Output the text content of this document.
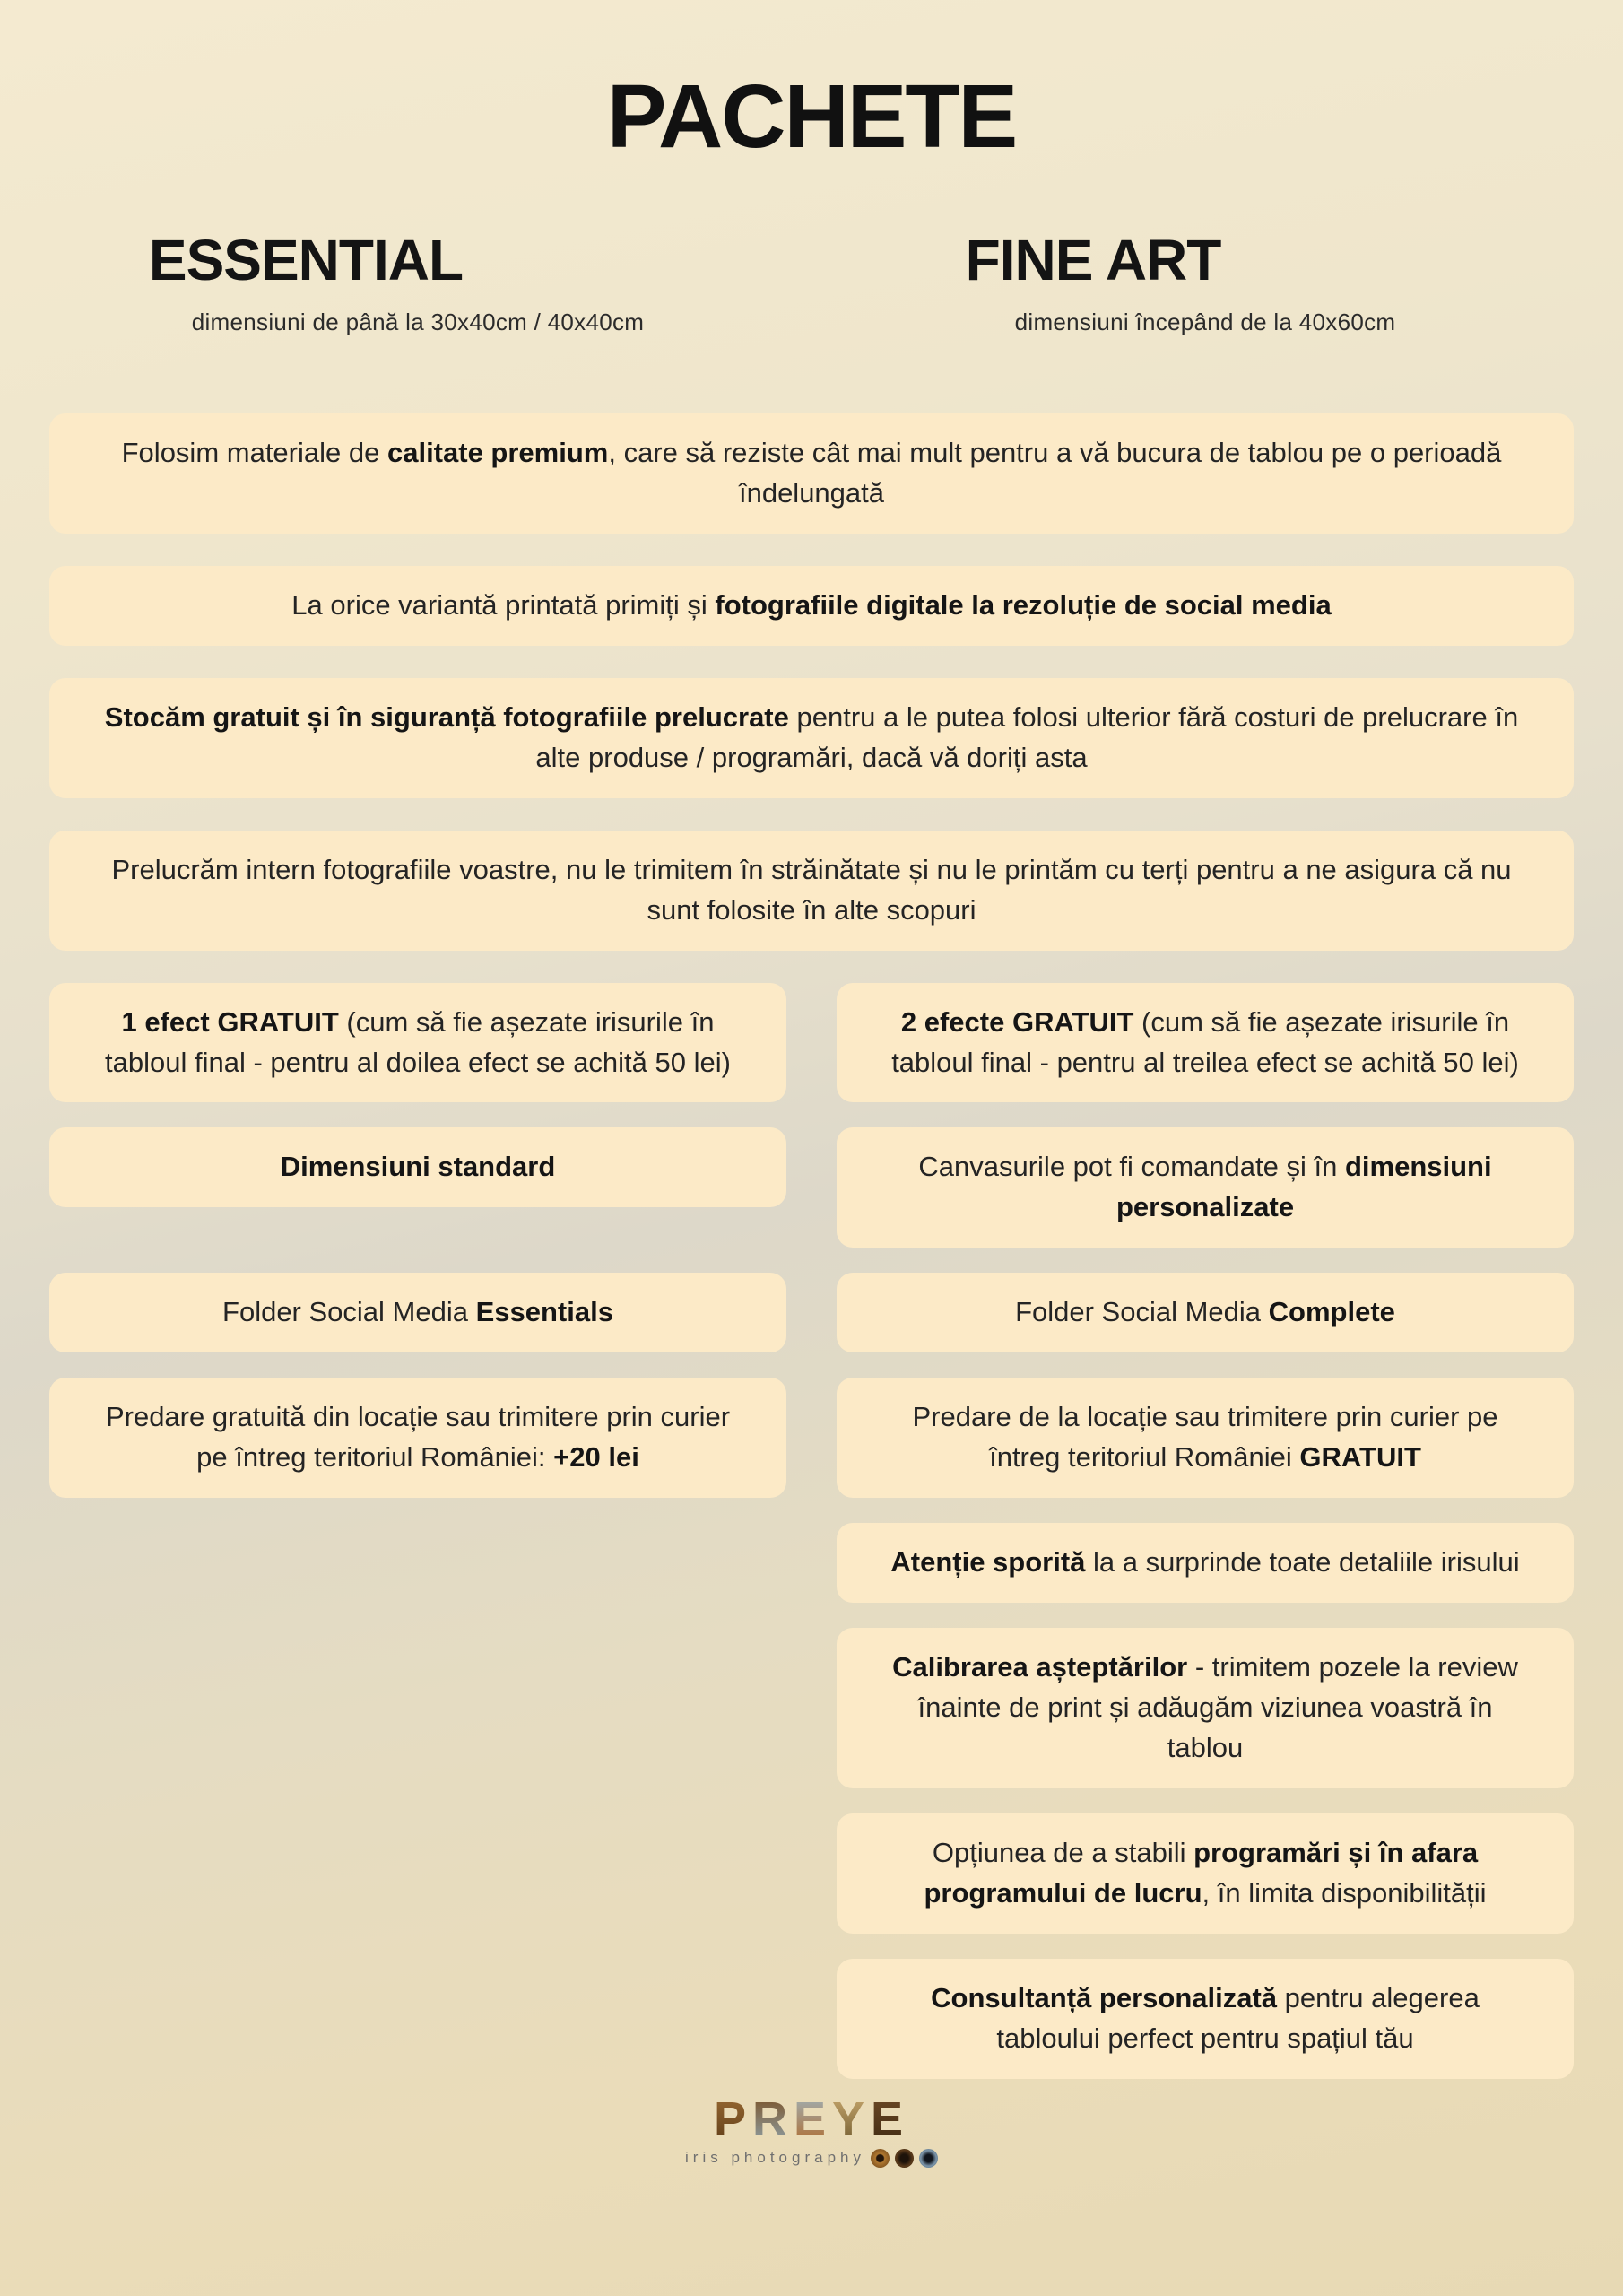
PACHETE
ESSENTIAL
dimensiuni de până la 30x40cm / 40x40cm
FINE ART
dimensiuni începând de la 40x60cm
Folosim materiale de calitate premium, care să reziste cât mai mult pentru a vă bucura de tablou pe o perioadă îndelungată
La orice variantă printată primiți și fotografiile digitale la rezoluție de social media
Stocăm gratuit și în siguranță fotografiile prelucrate pentru a le putea folosi ulterior fără costuri de prelucrare în alte produse / programări, dacă vă doriți asta
Prelucrăm intern fotografiile voastre, nu le trimitem în străinătate și nu le printăm cu terți pentru a ne asigura că nu sunt folosite în alte scopuri
1 efect GRATUIT (cum să fie așezate irisurile în tabloul final - pentru al doilea efect se achită 50 lei)
2 efecte GRATUIT (cum să fie așezate irisurile în tabloul final - pentru al treilea efect se achită 50 lei)
Dimensiuni standard	Canvasurile pot fi comandate și în dimensiuni personalizate
Folder Social Media Essentials	Folder Social Media Complete
Predare gratuită din locație sau trimitere prin curier pe întreg teritoriul României: +20 lei
Predare de la locație sau trimitere prin curier pe întreg teritoriul României GRATUIT
Atenție sporită la a surprinde toate detaliile irisului
Calibrarea așteptărilor - trimitem pozele la review înainte de print și adăugăm viziunea voastră în tablou
Opțiunea de a stabili programări și în afara programului de lucru, în limita disponibilității
Consultanță personalizată pentru alegerea tabloului perfect pentru spațiul tău
PREYE
iris photography
